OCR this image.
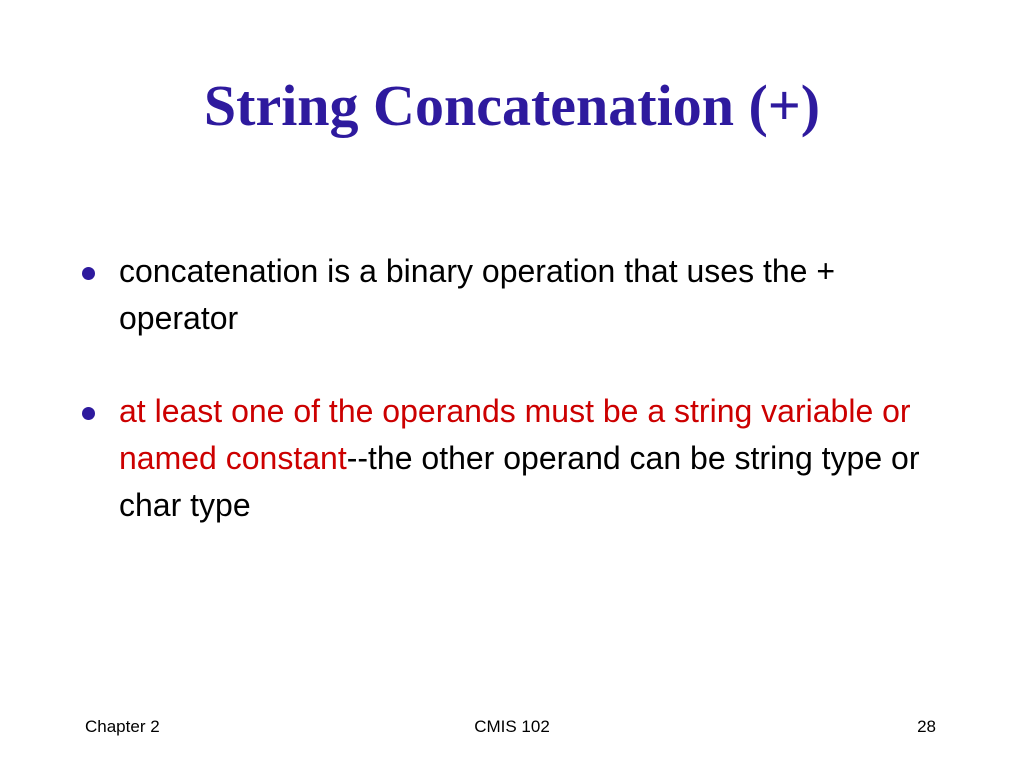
String Concatenation (+)
concatenation is a binary operation that uses the + operator
at least one of the operands must be a string variable or named constant--the other operand can be string type or char type
Chapter 2	CMIS 102	28
